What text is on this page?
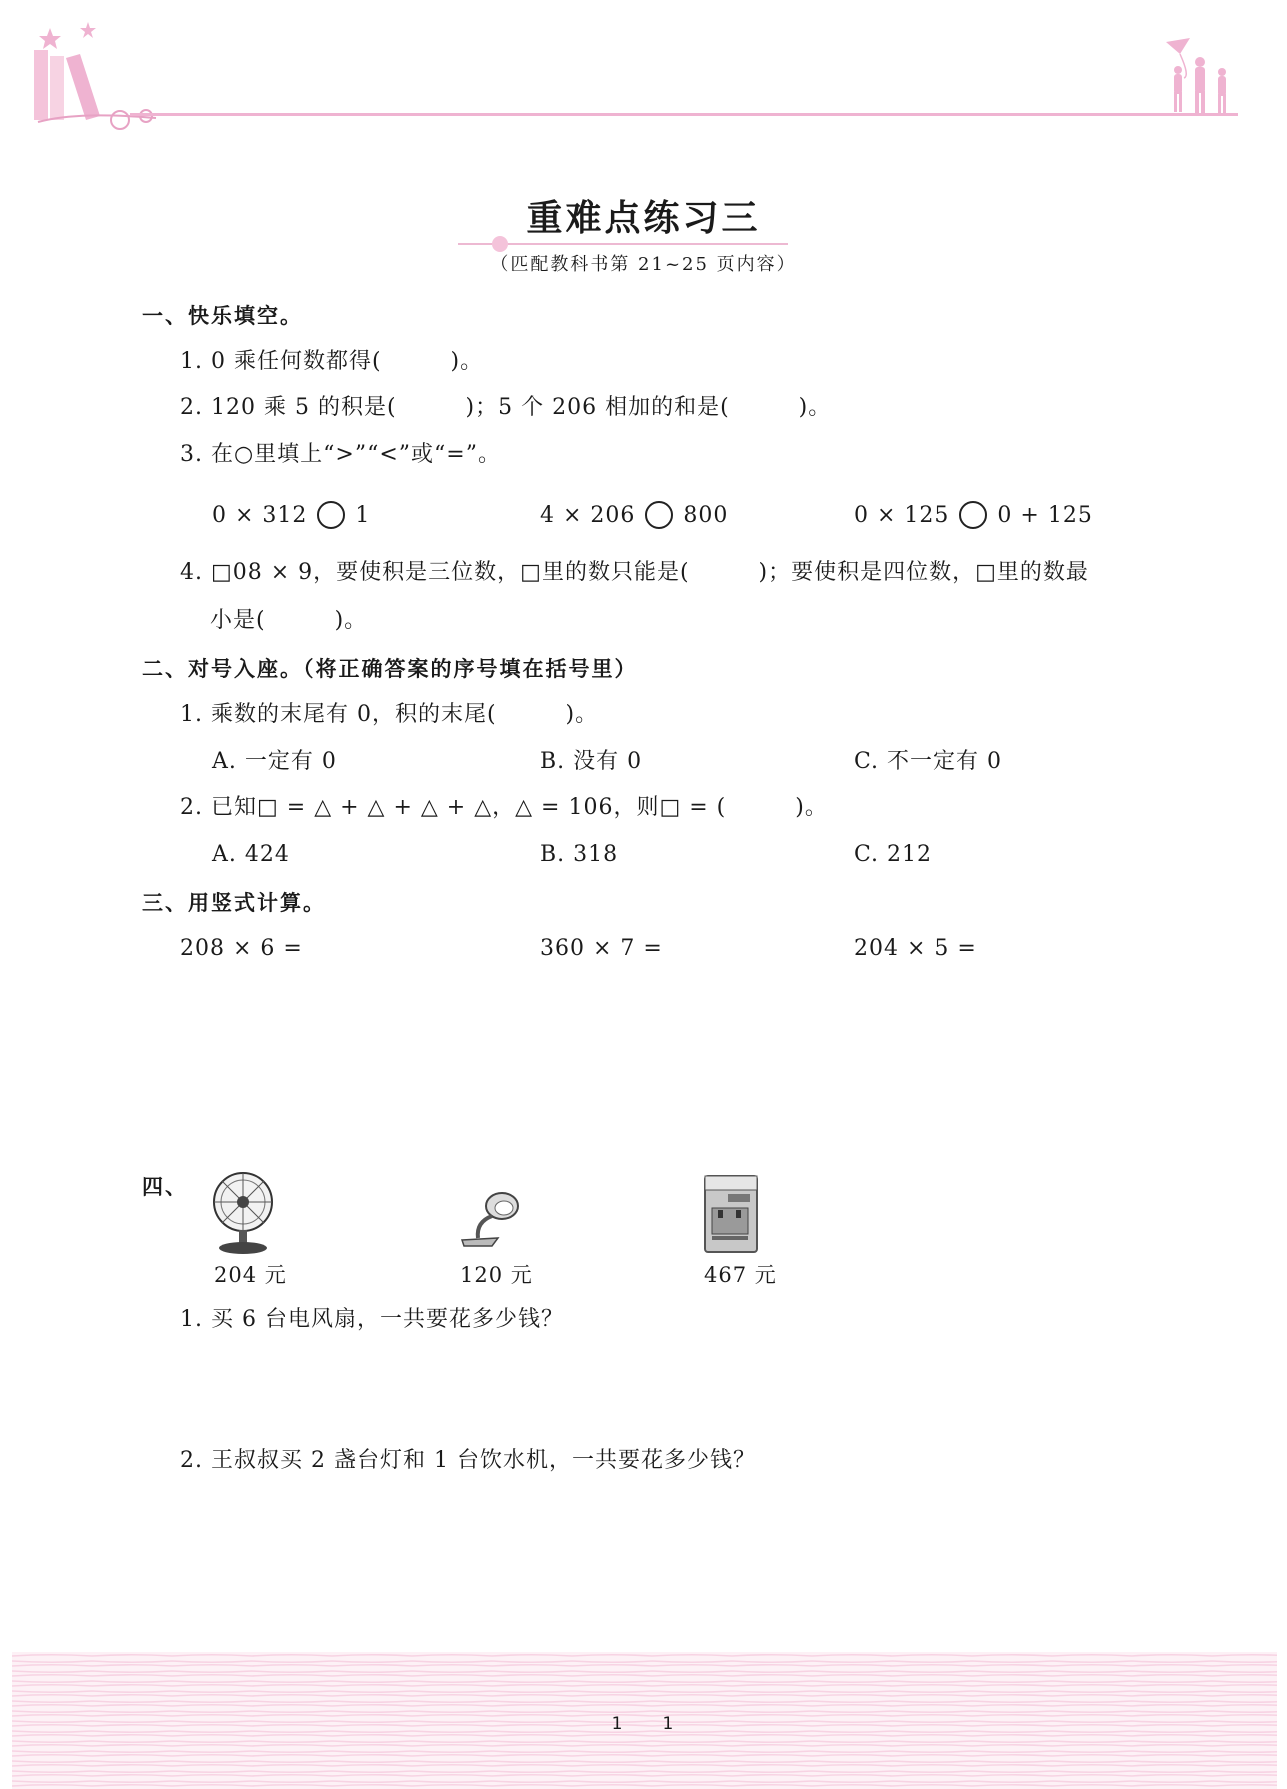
重难点练习三
（匹配教科书第 21~25 页内容）
一、快乐填空。
1. 0 乘任何数都得(　　　)。
2. 120 乘 5 的积是(　　　)；5 个 206 相加的和是(　　　)。
3. 在○里填上“>”“<”或“=”。
0 × 312 1	4 × 206 800	0 × 125 0 + 125
4. □08 × 9，要使积是三位数，□里的数只能是(　　　)；要使积是四位数，□里的数最
小是(　　　)。
二、对号入座。（将正确答案的序号填在括号里）
1. 乘数的末尾有 0，积的末尾(　　　)。
A. 一定有 0	B. 没有 0	C. 不一定有 0
2. 已知□ = △ + △ + △ + △，△ = 106，则□ = (　　　)。
A. 424	B. 318	C. 212
三、用竖式计算。
208 × 6 =	360 × 7 =	204 × 5 =
四、
204 元	120 元	467 元
1. 买 6 台电风扇，一共要花多少钱？
2. 王叔叔买 2 盏台灯和 1 台饮水机，一共要花多少钱？
1　　1
